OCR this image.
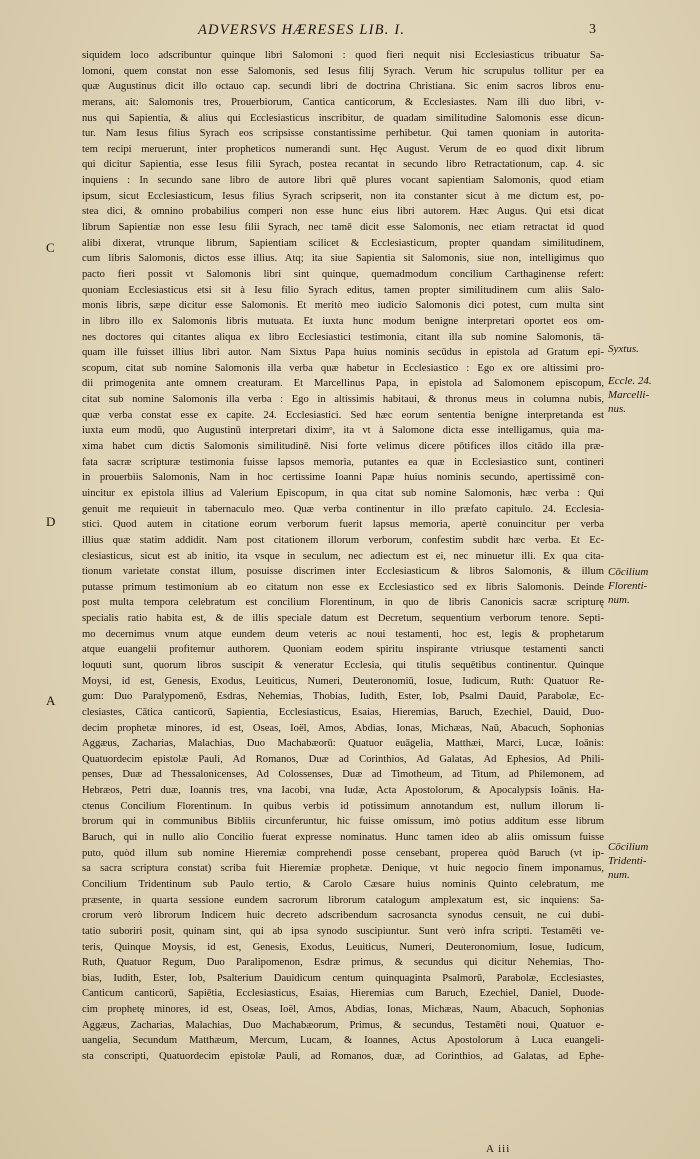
ADVERSVS HÆRESES LIB. I.	3
siquidem loco adscribuntur quinque libri Salomoni : quod fieri nequit nisi Ecclesiasticus tribuatur Sa-
lomoni, quem constat non esse Salomonis, sed Iesus filij Syrach. Verum hic scrupulus tollitur per ea
quæ Augustinus dicit illo octauo cap. secundi libri de doctrina Christiana. Sic enim sacros libros enu-
merans, ait: Salomonis tres, Prouerbiorum, Cantica canticorum, & Ecclesiastes. Nam illi duo libri, v-
nus qui Sapientia, & alius qui Ecclesiasticus inscribitur, de quadam similitudine Salomonis esse dicun-
tur. Nam Iesus filius Syrach eos scripsisse constantissime perhibetur. Qui tamen quoniam in autorita-
tem recipi meruerunt, inter propheticos numerandi sunt. Hęc August. Verum de eo quod dixit librum
qui dicitur Sapientia, esse Iesus filii Syrach, postea recantat in secundo libro Retractationum, cap. 4. sic
inquiens : In secundo sane libro de autore libri quē plures vocant sapientiam Salomonis, quod etiam
ipsum, sicut Ecclesiasticum, Iesus filius Syrach scripserit, non ita constanter sicut à me dictum est, po-
stea dici, & omnino probabilius comperi non esse hunc eius libri autorem. Hæc Augus. Qui etsi dicat
librum Sapientiæ non esse Iesu filii Syrach, nec tamē dicit esse Salomonis, nec etiam retractat id quod
alibi dixerat, vtrunque librum, Sapientiam scilicet & Ecclesiasticum, propter quandam similitudinem,
cum libris Salomonis, dictos esse illius. Atq; ita siue Sapientia sit Salomonis, siue non, intelligimus quo
pacto fieri possit vt Salomonis libri sint quinque, quemadmodum concilium Carthaginense refert:
quoniam Ecclesiasticus etsi sit à Iesu filio Syrach editus, tamen propter similitudinem cum aliis Salo-
monis libris, sæpe dicitur esse Salomonis. Et meritò meo iudicio Salomonis dici potest, cum multa sint
in libro illo ex Salomonis libris mutuata. Et iuxta hunc modum benigne interpretari oportet eos om-
nes doctores qui citantes aliqua ex libro Ecclesiastici testimonia, citant illa sub nomine Salomonis, tā-
quam ille fuisset illius libri autor. Nam Sixtus Papa huius nominis secūdus in epistola ad Gratum epi-
scopum, citat sub nomine Salomonis illa verba quæ habetur in Ecclesiastico : Ego ex ore altissimi pro-
dii primogenita ante omnem creaturam. Et Marcellinus Papa, in epistola ad Salomonem episcopum,
citat sub nomine Salomonis illa verba : Ego in altissimis habitaui, & thronus meus in columna nubis,
quæ verba constat esse ex capite. 24. Ecclesiastici. Sed hæc eorum sententia benigne interpretanda est
iuxta eum modū, quo Augustinū interpretari diximᵒ, ita vt à Salomone dicta esse intelligamus, quia ma-
xima habet cum dictis Salomonis similitudinē. Nisi forte velimus dicere pōtifices illos citādo illa præ-
fata sacræ scripturæ testimonia fuisse lapsos memoria, putantes ea quæ in Ecclesiastico sunt, contineri
in prouerbiis Salomonis, Nam in hoc certissime Ioanni Papæ huius nominis secundo, apertissimē con-
uincitur ex epistola illius ad Valerium Episcopum, in qua citat sub nomine Salomonis, hæc verba : Qui
genuit me requieuit in tabernaculo meo. Quæ verba continentur in illo præfato capitulo. 24. Ecclesia-
stici. Quod autem in citatione eorum verborum fuerit lapsus memoria, apertè conuincitur per verba
illius quæ statim addidit. Nam post citationem illorum verborum, confestim subdit hæc verba. Et Ec-
clesiasticus, sicut est ab initio, ita vsque in seculum, nec adiectum est ei, nec minuetur illi. Ex qua cita-
tionum varietate constat illum, posuisse discrimen inter Ecclesiasticum & libros Salomonis, & illum
putasse primum testimonium ab eo citatum non esse ex Ecclesiastico sed ex libris Salomonis. Deinde
post multa tempora celebratum est concilium Florentinum, in quo de libris Canonicis sacræ scripturę
specialis ratio habita est, & de illis speciale datum est Decretum, sequentium verborum tenore. Septi-
mo decernimus vnum atque eundem deum veteris ac noui testamenti, hoc est, legis & prophetarum
atque euangelii profitemur authorem. Quoniam eodem spiritu inspirante vtriusque testamenti sancti
loquuti sunt, quorum libros suscipit & veneratur Ecclesia, qui titulis sequētibus continentur. Quinque
Moysi, id est, Genesis, Exodus, Leuiticus, Numeri, Deuteronomiū, Iosue, Iudicum, Ruth: Quatuor Re-
gum: Duo Paralypomenō, Esdras, Nehemias, Thobias, Iudith, Ester, Iob, Psalmi Dauid, Parabolæ, Ec-
clesiastes, Cātica canticorū, Sapientia, Ecclesiasticus, Esaias, Hieremias, Baruch, Ezechiel, Dauid, Duo-
decim prophetæ minores, id est, Oseas, Ioël, Amos, Abdias, Ionas, Michæas, Naū, Abacuch, Sophonias
Aggæus, Zacharias, Malachias, Duo Machabæorū: Quatuor euāgelia, Matthæi, Marci, Lucæ, Ioānis:
Quatuordecim epistolæ Pauli, Ad Romanos, Duæ ad Corinthios, Ad Galatas, Ad Ephesios, Ad Phili-
penses, Duæ ad Thessalonicenses, Ad Colossenses, Duæ ad Timotheum, ad Titum, ad Philemonem, ad
Hebræos, Petri duæ, Ioannis tres, vna Iacobi, vna Iudæ, Acta Apostolorum, & Apocalypsis Ioānis. Ha-
ctenus Concilium Florentinum. In quibus verbis id potissimum annotandum est, nullum illorum li-
brorum qui in communibus Bibliis circunferuntur, hic fuisse omissum, imò potius additum esse librum
Baruch, qui in nullo alio Concilio fuerat expresse nominatus. Hunc tamen ideo ab aliis omissum fuisse
puto, quòd illum sub nomine Hieremiæ comprehendi posse censebant, properea quòd Baruch (vt ip-
sa sacra scriptura constat) scriba fuit Hieremiæ prophetæ. Denique, vt huic negocio finem imponamus,
Concilium Tridentinum sub Paulo tertio, & Carolo Cæsare huius nominis Quinto celebratum, me
præsente, in quarta sessione eundem sacrorum librorum catalogum amplexatum est, sic inquiens: Sa-
crorum verò librorum Indicem huic decreto adscribendum sacrosancta synodus censuit, ne cui dubi-
tatio suboriri posit, quinam sint, qui ab ipsa synodo suscipiuntur. Sunt verò infra scripti. Testamēti ve-
teris, Quinque Moysis, id est, Genesis, Exodus, Leuiticus, Numeri, Deuteronomium, Iosue, Iudicum,
Ruth, Quatuor Regum, Duo Paralipomenon, Esdræ primus, & secundus qui dicitur Nehemias, Tho-
bias, Iudith, Ester, Iob, Psalterium Dauidicum centum quinquaginta Psalmorū, Parabolæ, Ecclesiastes,
Canticum canticorū, Sapiētia, Ecclesiasticus, Esaias, Hieremias cum Baruch, Ezechiel, Daniel, Duode-
cim prophetę minores, id est, Oseas, Ioël, Amos, Abdias, Ionas, Michæas, Naum, Abacuch, Sophonias
Aggæus, Zacharias, Malachias, Duo Machabæorum, Primus, & secundus, Testamēti noui, Quatuor e-
uangelia, Secundum Matthæum, Mercum, Lucam, & Ioannes, Actus Apostolorum à Luca euangeli-
sta conscripti, Quatuordecim epistolæ Pauli, ad Romanos, duæ, ad Corinthios, ad Galatas, ad Ephe-
C
D
A
Syxtus.
Eccle. 24.
Marcelli-
nus.
Cōcilium
Florenti-
num.
Cōcilium
Tridenti-
num.
A iii
